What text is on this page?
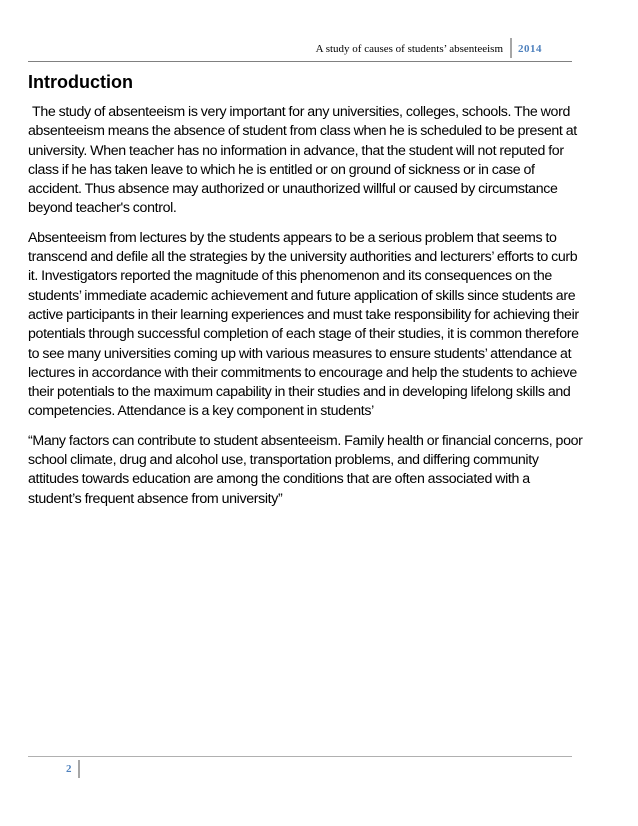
A study of causes of students’ absenteeism	2014
Introduction

The study of absenteeism is very important for any universities, colleges, schools. The word absenteeism means the absence of student from class when he is scheduled to be present at university. When teacher has no information in advance, that the student will not reputed for class if he has taken leave to which he is entitled or on ground of sickness or in case of accident. Thus absence may authorized or unauthorized willful or caused by circumstance beyond teacher's control.

Absenteeism from lectures by the students appears to be a serious problem that seems to transcend and defile all the strategies by the university authorities and lecturers’ efforts to curb it. Investigators reported the magnitude of this phenomenon and its consequences on the students’ immediate academic achievement and future application of skills since students are active participants in their learning experiences and must take responsibility for achieving their potentials through successful completion of each stage of their studies, it is common therefore to see many universities coming up with various measures to ensure students’ attendance at lectures in accordance with their commitments to encourage and help the students to achieve their potentials to the maximum capability in their studies and in developing lifelong skills and competencies. Attendance is a key component in students’

“Many factors can contribute to student absenteeism. Family health or financial concerns, poor school climate, drug and alcohol use, transportation problems, and differing community attitudes towards education are among the conditions that are often associated with a student’s frequent absence from university”

2
